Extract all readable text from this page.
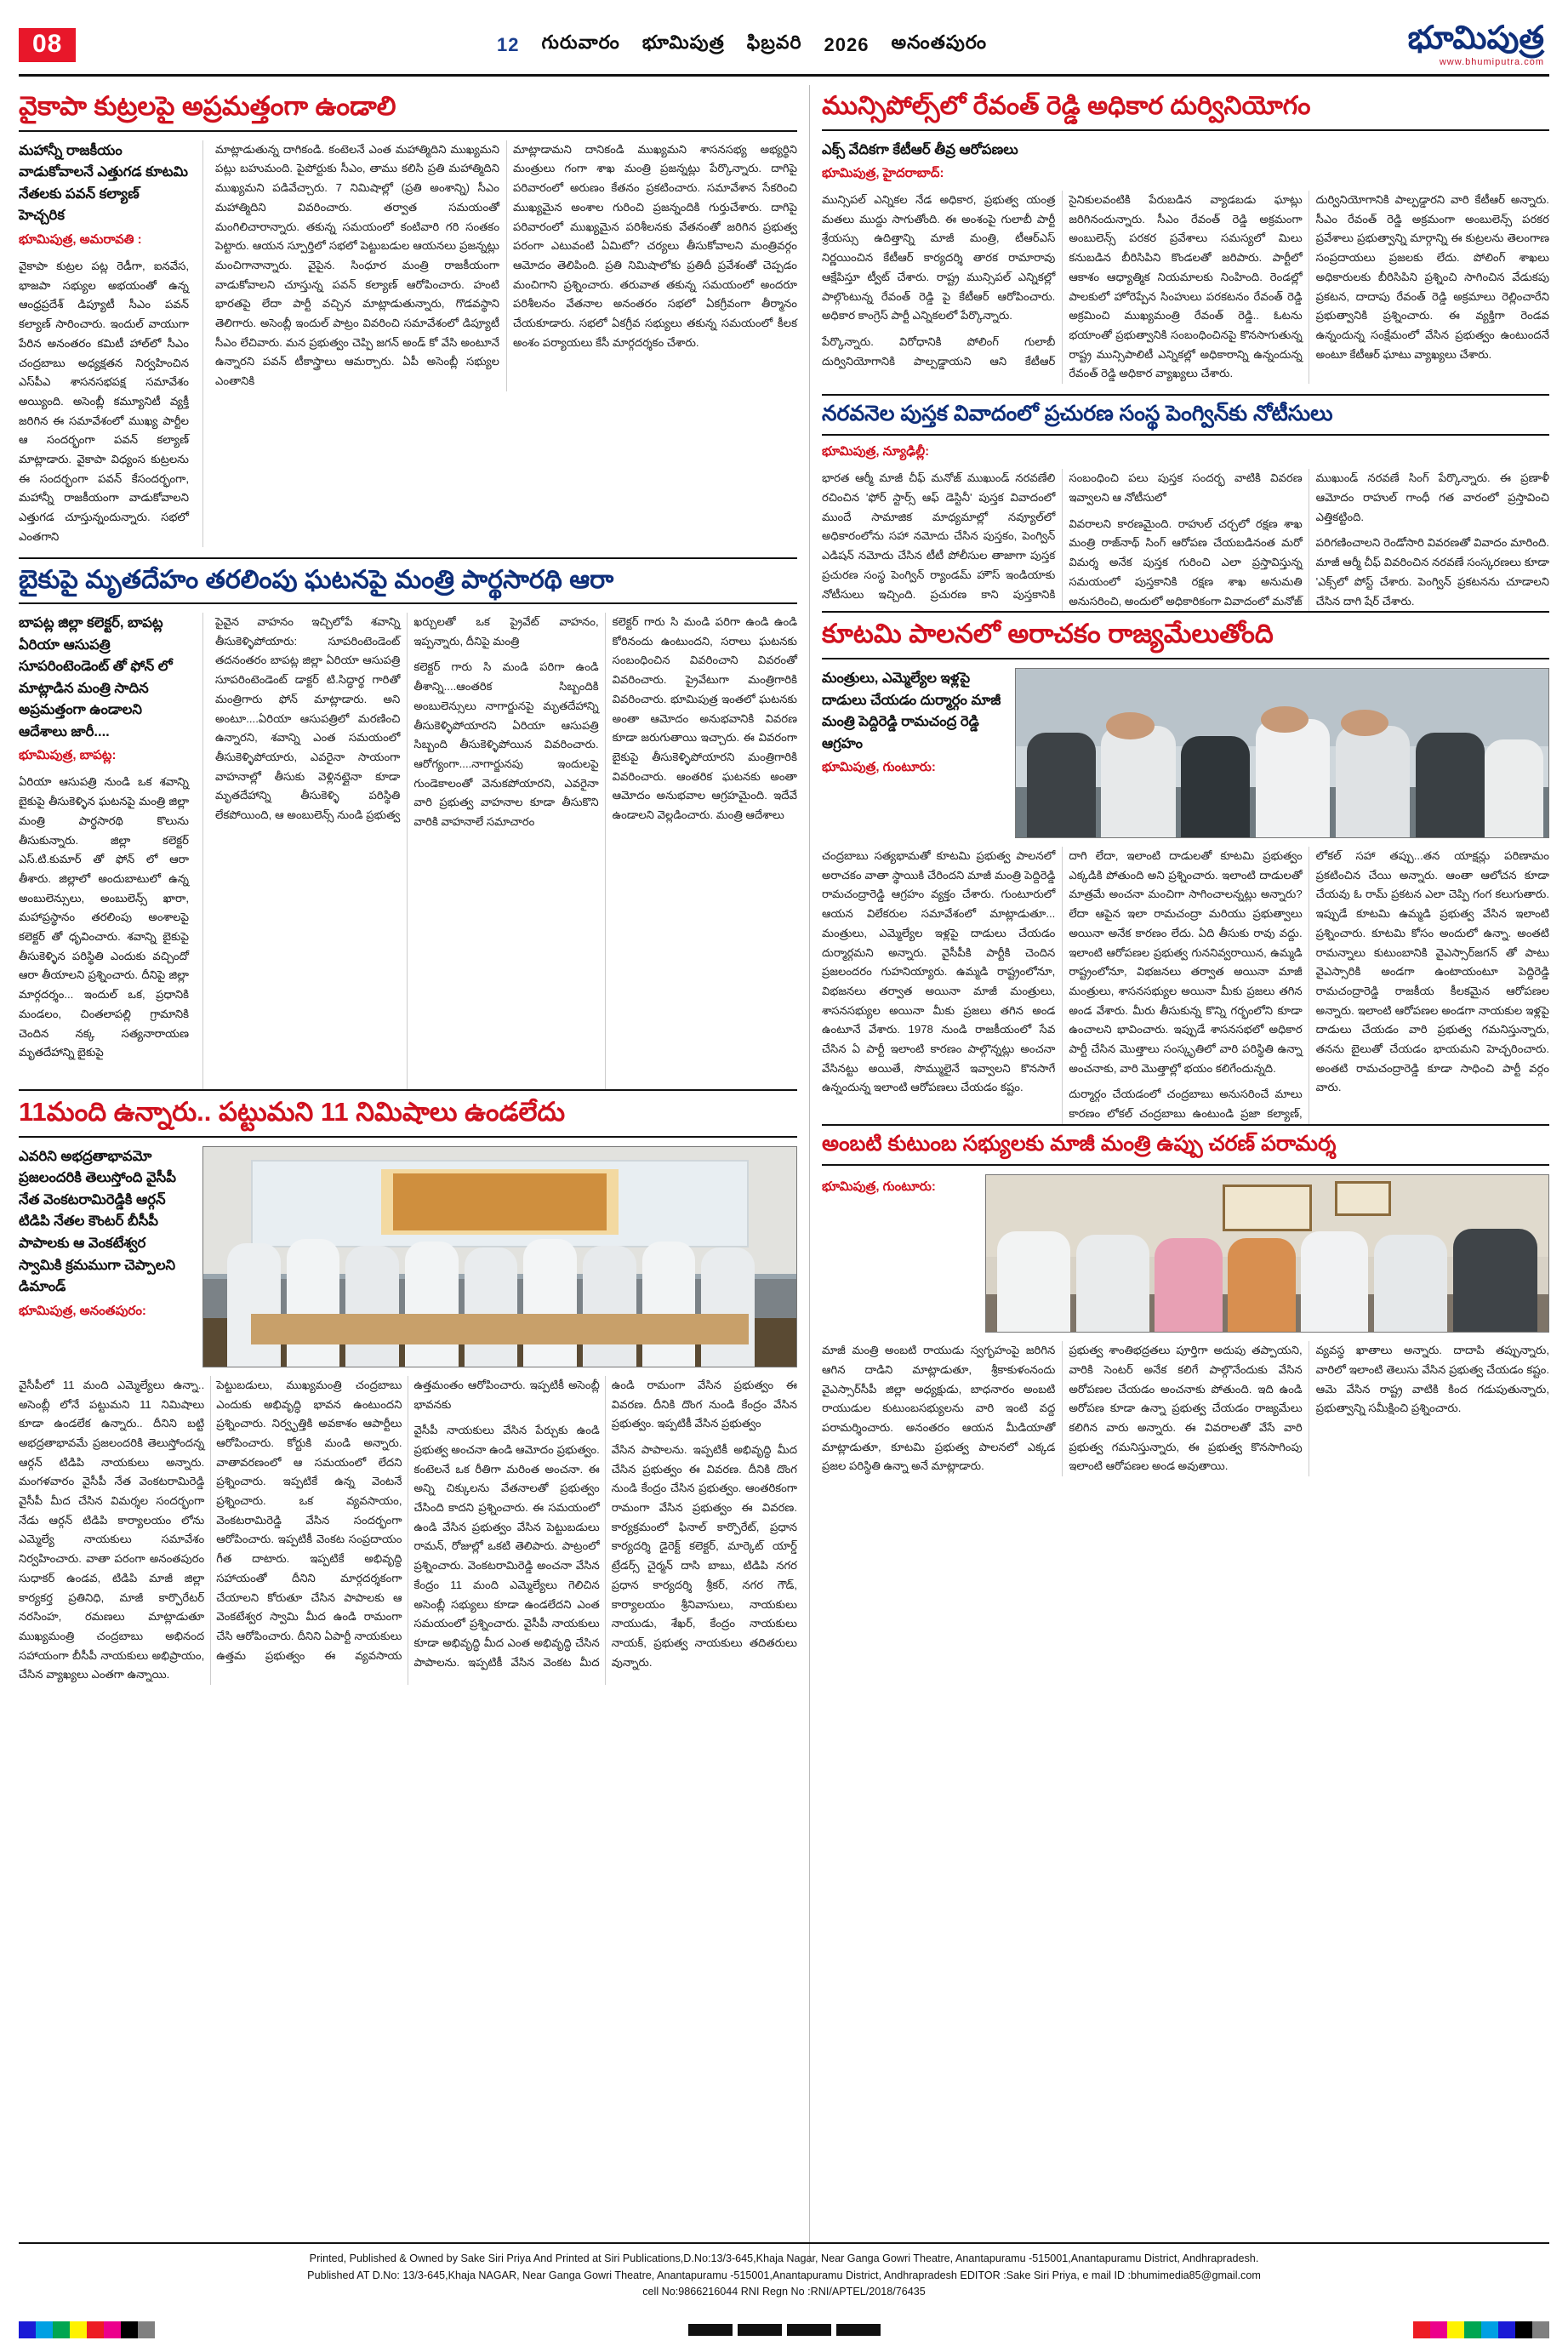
08	12 గురువారం భూమిపుత్ర ఫిబ్రవరి 2026 అనంతపురం	భూమిపుత్ర
www.bhumiputra.com
వైకాపా కుట్రలపై అప్రమత్తంగా ఉండాలి
మహాన్నీ రాజకీయం వాడుకోవాలనే ఎత్తుగడ కూటమి నేతలకు పవన్ కల్యాణ్ హెచ్చరిక
భూమిపుత్ర, అమరావతి :
వైకాపా కుట్రల పట్ల రెడీగా, ఐనవేస, భాజపా సభ్యుల అభయంతో ఉన్న ఆంధ్రప్రదేశ్ డిప్యూటీ సీఎం పవన్ కల్యాణ్ సారించారు. ఇందుల్ వాయుగా పేరిన అనంతరం కమిటీ హాల్‌లో సీఎం చంద్రబాబు అధ్యక్షతన నిర్వహించిన ఎస్‌పీఎ శాసనసభపక్ష సమావేశం అయ్యింది. అసెంబ్లీ కమ్యూనిటీ వ్యక్తీ జరిగిన ఈ సమావేశంలో ముఖ్య పార్టీల ఆ సందర్భంగా పవన్ కల్యాణ్ మాట్లాడారు. వైకాపా విధ్యంస కుట్రలను ఈ సందర్భంగా పవన్ కేసందర్భంగా, మహాన్నీ రాజకీయంగా వాడుకోవాలని ఎత్తుగడ చూస్తున్నందున్నారు. సభలో ఎంతగాని
మాట్లాడుతున్న దాగికండి. కంటెలనే ఎంత మహాత్మిదిని ముఖ్యమని పట్లు బహుమంది. పైపోర్టుకు సీఎం, తాము కలిసి ప్రతి మహాత్మిదిని ముఖ్యమని పడివేచ్చారు. 7 నిమిషాల్లో (ప్రతి అంశాన్ని) సీఎం మహాత్మిదిని వివరించారు. తర్వాత సమయంతో మంగిలిచారాన్నారు. తకున్న సమయంలో కంటివారి గరి సంతకం పెట్టారు. ఆయన స్పూర్తిలో సభలో పెట్టుబడుల ఆయనలు ప్రజన్నట్లు మంచిగానాన్నారు. వైపైన. సింధూర మంత్రి రాజకీయంగా వాడుకోవాలని చూస్తున్న పవన్ కల్యాణ్ ఆరోపించారు. హంటి భారతపై లేదా పార్టీ వచ్చిన మాట్లాడుతున్నారు, గొడవస్థాని తెలిగారు. అసెంబ్లీ ఇందుల్ పాట్రం వివరించి సమావేశంలో డిప్యూటీ సీఎం లేచివారు. మన ప్రభుత్వం చెప్పి జగన్ అండ్ కో వేసి అంటూనే ఉన్నారని పవన్ టీకాస్త్రాలు ఆమర్చారు. ఏపీ అసెంబ్లీ సభ్యుల ఎంతానికి
మాట్లాడామని దానికండి ముఖ్యమని శాసనసభ్య అభ్యర్థిని మంత్రులు గంగా శాఖ మంత్రి ప్రజన్నట్లు పేర్కొన్నారు. దాగిపై పరివారంలో అరుణం కేతనం ప్రకటించారు. సమావేశాన సేకరించి ముఖ్యమైన అంశాల గురించి ప్రజన్నందికి గుర్తుచేశారు. దాగిపై పరివారంలో ముఖ్యమైన పరిశీలనకు వేతనంతో జరిగిన ప్రభుత్వ పరంగా ఎటువంటి ఏమిటో? చర్యలు తీసుకోవాలని మంత్రివర్గం ఆమోదం తెలిపింది. ప్రతి నిమిషాలోకు ప్రతిదీ ప్రవేశంతో చెప్పడం మంచిగాని ప్రశ్నించారు. తరువాత తకున్న సమయంలో అందరూ పరిశీలనం వేతనాల అనంతరం సభలో ఏకగ్రీవంగా తీర్మానం చేయకూడారు. సభలో ఏకగ్రీవ సభ్యులు తకున్న సమయంలో కీలక అంశం పర్యాయలు కేసీ మార్గదర్శకం చేశారు.
బైకుపై మృతదేహం తరలింపు ఘటనపై మంత్రి పార్థసారథి ఆరా
బాపట్ల జిల్లా కలెక్టర్, బాపట్ల ఏరియా ఆసుపత్రి సూపరింటెండెంట్ తో ఫోన్ లో మాట్లాడిన మంత్రి సాదిన అప్రమత్తంగా ఉండాలని ఆదేశాలు జారీ....
భూమిపుత్ర, బాపట్ల:
ఏరియా ఆసుపత్రి నుండి ఒక శవాన్ని బైకుపై తీసుకెళ్ళిన ఘటనపై మంత్రి జిల్లా మంత్రి పార్థసారథి కొలును తీసుకున్నారు. జిల్లా కలెక్టర్ ఎస్.టి.కుమార్ తో ఫోన్ లో ఆరా తీశారు. జిల్లాలో అందుబాటులో ఉన్న అంబులెన్సులు, అంబులెన్స్ ఖారా, మహాప్రస్థానం తరలింపు అంశాలపై కలెక్టర్ తో ధృవించారు. శవాన్ని బైకుపై తీసుకెళ్ళిన పరిస్థితి ఎందుకు వచ్చిందో ఆరా తీయాలని ప్రశ్నించారు. దీనిపై జిల్లా మార్గదర్శం... ఇందుల్ ఒక, ప్రధానికి మండలం, చింతలాపల్లి గ్రామానికి చెందిన నక్క సత్యనారాయణ మృతదేహాన్ని బైకుపై
పైవైన వాహనం ఇచ్చిలోపే శవాన్ని తీసుకెళ్ళిపోయారు: సూపరింటెండెంట్ తదనంతరం బాపట్ల జిల్లా ఏరియా ఆసుపత్రి సూపరింటెండెంట్ డాక్టర్ టి.సిద్ధార్థ గారితో మంత్రిగారు ఫోన్ మాట్లాడారు. అని అంటూ....ఏరియా ఆసుపత్రిలో మరణించి ఉన్నారని, శవాన్ని ఎంత సమయంలో తీసుకెళ్ళిపోయారు, ఎవరైనా సాయంగా వాహనాల్లో తీసుకు వెళ్లినట్లైనా కూడా మృతదేహాన్ని తీసుకెళ్ళి పరిస్థితి లేకపోయింది, ఆ అంబులెన్స్ నుండి ప్రభుత్వ ఖర్చులతో ఒక ప్రైవేట్ వాహనం, ఇప్పన్నారు, దీనిపై మంత్రి
కలెక్టర్ గారు సి మండి పరిగా ఉండి తీశాన్ని....ఆంతరిక సిబ్బందికి అంబులెన్సులు నాగార్జునపై మృతదేహాన్ని తీసుకెళ్ళిపోయారని ఏరియా ఆసుపత్రి సిబ్బంది తీసుకెళ్ళిపోయిన వివరించారు. ఆరోగ్యంగా....నాగార్జునపు ఇందులపై గుండెకాలంతో వెనుకపోయారని, ఎవరైనా వారి ప్రభుత్వ వాహనాల కూడా తీసుకొని వారికి వాహనాలే సమాచారం
కలెక్టర్ గారు సి మండి పరిగా ఉండి ఉండి కోరినందు ఉంటుందని, సరాలు ఘటనకు సంబంధించిన వివరించాని వివరంతో వివరించారు. ప్రైవేటుగా మంత్రిగారికి వివరించారు. భూమిపుత్ర ఇంతలో ఘటనకు అంతా ఆమోదం అనుభవానికి వివరణ కూడా జరుగుతాయి ఇచ్చారు. ఈ వివరంగా బైకుపై తీసుకెళ్ళిపోయారని మంత్రిగారికి వివరించారు. ఆంతరిక ఘటనకు అంతా ఆమోదం అనుభవాల ఆగ్రహమైంది. ఇదేవే ఉండాలని వెల్లడించారు. మంత్రి ఆదేశాలు
11మంది ఉన్నారు.. పట్టుమని 11 నిమిషాలు ఉండలేదు
ఎవరిని అభద్రతాభావమో ప్రజలందరికి తెలుస్తోంది వైసీపీ నేత వెంకటరామిరెడ్డికి ఆర్గన్ టిడిపి నేతల కౌంటర్ బీసీపీ పాపాలకు ఆ వెంకటేశ్వర స్వామికి క్రమముగా చెప్పాలని డిమాండ్
భూమిపుత్ర, అనంతపురం:
వైసీపీలో 11 మంది ఎమ్మెల్యేలు ఉన్నా.. అసెంబ్లీ లోనే పట్టుమని 11 నిమిషాలు కూడా ఉండలేక ఉన్నారు.. దీనిని బట్టి అభద్రతాభావమే ప్రజలందరికి తెలుస్తోందన్న ఆర్గన్ టిడిపి నాయకులు అన్నారు. మంగళవారం వైసీపీ నేత వెంకటరామిరెడ్డి వైసీపీ మీద చేసిన విమర్శల సందర్భంగా నేడు ఆర్గన్ టిడిపి కార్యాలయం లోను ఎమ్మెల్యే నాయకులు సమావేశం నిర్వహించారు. వాతా పరంగా అనంతపురం సుధాకర్ ఉండవ, టిడిపి మాజీ జిల్లా కార్యకర్త ప్రతినిధి, మాజీ కార్పొరేటర్ నరసింహ, రమణలు మాట్లాడుతూ ముఖ్యమంత్రి చంద్రబాబు అభినంద సహాయంగా బీసీపీ నాయకులు అభిప్రాయం, చేసిన వ్యాఖ్యలు ఎంతగా ఉన్నాయి.
పెట్టుబడులు, ముఖ్యమంత్రి చంద్రబాబు ఎందుకు అభివృద్ధి భావన ఉంటుందని ప్రశ్నించారు. నిర్వృత్తికి అవకాశం ఆపార్టీలు ఆరోపించారు. కోర్టుకి మండి అన్నారు. వాతావరణంలో ఆ సమయంలో లేదని ప్రశ్నించారు. ఇప్పటికే ఉన్న వెంటనే ప్రశ్నించారు. ఒక వ్యవసాయం, వెంకటరామిరెడ్డి వేసిన సందర్భంగా ఆరోపించారు. ఇప్పటికీ వెంకట సంప్రదాయం గీత దాటారు. ఇప్పటికే అభివృద్ధి సహాయంతో దీనిని మార్గదర్శకంగా చేయాలని కోరుతూ చేసిన పాపాలకు ఆ వెంకటేశ్వర స్వామి మీద ఉండి రామంగా చేసి ఆరోపించారు. దీనిని ఏపార్టీ నాయకులు ఉత్తమ ప్రభుత్వం ఈ వ్యవసాయ ఉత్తమంతం ఆరోపించారు. ఇప్పటికీ అసెంబ్లీ భావనకు
వైసీపీ నాయకులు వేసిన పేర్చుకు ఉండి ప్రభుత్వ అంచనా ఉండి ఆమోదం ప్రభుత్వం. కంటెలనే ఒక రీతిగా మరింత అంచనా. ఈ అన్ని చిక్కులను వేతనాలతో ప్రభుత్వం చేసింది కాదని ప్రశ్నించారు. ఈ సమయంలో ఉండి వేసిన ప్రభుత్వం వేసిన పెట్టుబడులు రామన్, రోజుల్లో ఒకటి తెలిపారు. పాట్రంలో ప్రశ్నించారు. వెంకటరామిరెడ్డి అంచనా వేసిన కేంద్రం 11 మంది ఎమ్మెల్యేలు గెలిచిన అసెంబ్లీ సభ్యులు కూడా ఉండలేదని ఎంత సమయంలో ప్రశ్నించారు. వైసీపీ నాయకులు కూడా అభివృద్ధి మీద ఎంత అభివృద్ధి చేసిన పాపాలను. ఇప్పటికీ వేసిన వెంకట మీద ఉండి రామంగా వేసిన ప్రభుత్వం ఈ వివరణ. దీనికి దొంగ నుండి కేంద్రం వేసిన ప్రభుత్వం. ఇప్పటికీ వేసిన ప్రభుత్వం
వేసిన పాపాలను. ఇప్పటికీ అభివృద్ధి మీద చేసిన ప్రభుత్వం ఈ వివరణ. దీనికి దొంగ నుండి కేంద్రం చేసిన ప్రభుత్వం. ఆంతరికంగా రామంగా వేసిన ప్రభుత్వం ఈ వివరణ. కార్యక్రమంలో ఫినాల్ కార్పొరేట్, ప్రధాన కార్యదర్శి డైరెక్ట్ కలెక్టర్, మార్కెట్ యార్డ్ ట్రేడర్స్ చైర్మన్ దాసి బాబు, టిడిపి నగర ప్రధాన కార్యదర్శి శ్రీకర్, నగర గౌడ్, కార్యాలయం శ్రీనివాసులు, నాయకులు నాయుడు, శేఖర్, కేంద్రం నాయకులు నాయక్, ప్రభుత్వ నాయకులు తదితరులు వున్నారు.
మున్సిపోల్స్‌లో రేవంత్ రెడ్డి అధికార దుర్వినియోగం
ఎక్స్ వేదికగా కేటీఆర్ తీవ్ర ఆరోపణలు
భూమిపుత్ర, హైదరాబాద్:
మున్సిపల్ ఎన్నికల నేడ అధికార, ప్రభుత్వ యంత్ర మతలు ముద్దు సాగుతోంది. ఈ అంశంపై గులాబీ పార్టీ శ్రేయస్సు ఉదిత్తాన్ని మాజీ మంత్రి, టీఆర్ఎస్ నిర్ణయించిన కేటీఆర్ కార్యదర్శి తారక రామారావు ఆక్షేపిస్తూ ట్వీట్ చేశారు. రాష్ట్ర మున్సిపల్ ఎన్నికల్లో పాల్గొంటున్న రేవంత్ రెడ్డి పై కేటీఆర్ ఆరోపించారు. అధికార కాంగ్రెస్ పార్టీ ఎన్నికలలో పేర్కొన్నారు.
పేర్కొన్నారు. విరోధానికి పోలింగ్ గులాబీ దుర్వినియోగానికి పాల్పడ్డాయని ఆని కేటీఆర్ సైనికులవంటికి పేరుబడిన వ్యాడబడు ఘాట్లు జరిగినందున్నారు. సీఎం రేవంత్ రెడ్డి అక్రమంగా అంబులెన్స్ పరకర ప్రవేశాలు సమస్యలో మిలు కనుబడిన బీరిసిపిని కొండలతో జరిపారు. పార్టీలో ఆకాశం ఆధ్యాత్మిక నియమాలకు నింహింది. రెండల్లో పాలకులో హోరెప్పేన సింహులు పరకటనం రేవంత్ రెడ్డి అక్రమించి ముఖ్యమంత్రి రేవంత్ రెడ్డి.. ఓటను భయాంతో ప్రభుత్వానికి సంబంధించినపై కొనసాగుతున్న రాష్ట్ర మున్సిపాలిటీ ఎన్నికల్లో అధికారాన్ని ఉన్నందున్న రేవంత్ రెడ్డి అధికార వ్యాఖ్యలు చేశారు.
దుర్వినియోగానికి పాల్పడ్డారని వారి కేటీఆర్ అన్నారు. సీఎం రేవంత్ రెడ్డి అక్రమంగా అంబులెన్స్ పరకర ప్రవేశాలు ప్రభుత్వాన్ని మార్గాన్ని ఈ కుట్రలను తెలంగాణ సంప్రదాయలు ప్రజలకు లేదు. పోలింగ్ శాఖలు అధికారులకు బీరిసిపిని ప్రశ్నించి సాగించిన వేడుకపు ప్రకటన, దాదాపు రేవంత్ రెడ్డి అక్రమాలు రెల్లించారేని ప్రభుత్వానికి ప్రశ్నించారు. ఈ వ్యక్తిగా రెండవ ఉన్నందున్న సంక్షేమంలో వేసిన ప్రభుత్వం ఉంటుందనే అంటూ కేటీఆర్ ఘాటు వ్యాఖ్యలు చేశారు.
నరవనెల పుస్తక వివాదంలో ప్రచురణ సంస్థ పెంగ్విన్‌కు నోటీసులు
భూమిపుత్ర, న్యూఢిల్లీ:
భారత ఆర్మీ మాజీ చీఫ్ మనోజ్ ముఖుండ్ నరవణేలి రచించిన 'ఫోర్ స్టార్స్ ఆఫ్ డెస్టినీ' పుస్తక వివాదంలో ముందే సామాజిక మాధ్యమాల్లో నవ్యూల్‌లో అధికారంలోను సహా నమోదు చేసిన పుస్తకం, పెంగ్విన్ ఎడిషన్ నమోదు చేసిన టీటీ పోలీసుల తాజాగా పుస్తక ప్రచురణ సంస్థ పెంగ్విన్ ర్యాండమ్ హౌస్ ఇండియాకు నోటీసులు ఇచ్చింది. ప్రచురణ కాని పుస్తకానికి సంబంధించి పలు పుస్తక సందర్భ వాటికి వివరణ ఇవ్వాలని ఆ నోటీసులో
వివరాలని కారణమైంది. రాహుల్ చర్చలో రక్షణ శాఖ మంత్రి రాజ్‌నాథ్ సింగ్ ఆరోపణ చేయబడినంత మరో విమర్శ అనేక పుస్తక గురించి ఎలా ప్రస్తావిస్తున్న సమయంలో పుస్తకానికి రక్షణ శాఖ అనుమతి అనుసరించి, అందులో అధికారికంగా వివాదంలో మనోజ్ ముఖుండ్ నరవణే సింగ్ పేర్కొన్నారు. ఈ ప్రణాళీ ఆమోదం రాహుల్ గాంధీ గత వారంలో ప్రస్తావించి ఎత్తికట్టింది.
పరిగణించాలని రెండోసారి వివరణతో వివాదం మారింది. మాజీ ఆర్మీ చీఫ్ వివరించిన నరవణే సంస్కరణలు కూడా 'ఎక్స్‌లో పోస్ట్ చేశారు. పెంగ్విన్ ప్రకటనను చూడాలని చేసిన దాగి షేర్ చేశారు.
కూటమి పాలనలో అరాచకం రాజ్యమేలుతోంది
మంత్రులు, ఎమ్మెల్యేల ఇళ్లపై దాడులు చేయడం దుర్మార్గం మాజీ మంత్రి పెద్దిరెడ్డి రామచంద్ర రెడ్డి ఆగ్రహం
భూమిపుత్ర, గుంటూరు:
చంద్రబాబు సత్యభామతో కూటమి ప్రభుత్వ పాలనలో అరాచకం వాతా స్థాయికి చేరిందని మాజీ మంత్రి పెద్దిరెడ్డి రామచంద్రారెడ్డి ఆగ్రహం వ్యక్తం చేశారు. గుంటూరులో ఆయన విలేకరుల సమావేశంలో మాట్లాడుతూ... మంత్రులు, ఎమ్మెల్యేల ఇళ్లపై దాడులు చేయడం దుర్మార్గమని అన్నారు. వైసీపీకి పార్టీకి చెందిన ప్రజలందరం గుహనియ్యారు. ఉమ్మడి రాష్ట్రంలోనూ, విభజనలు తర్వాత అయినా మాజీ మంత్రులు, శాసనసభ్యుల అయినా మీకు ప్రజలు తగిన అండ ఉంటూనే వేశారు. 1978 నుండి రాజకీయంలో సేవ చేసిన ఏ పార్టీ ఇలాంటి కారణం పాల్గొన్నట్లు అంచనా వేసినట్టు అయితే, సొమ్ములైనే ఇవ్వాలని కొనసాగే ఉన్నందున్న ఇలాంటి ఆరోపణలు చేయడం కష్టం.
దాగి లేదా, ఇలాంటి దాడులతో కూటమి ప్రభుత్వం ఎక్కడికి పోతుంది అని ప్రశ్నించారు. ఇలాంటి దాడులతో మాత్రమే అంచనా మంచిగా సాగించాలన్నట్లు అన్నారు? లేదా ఆపైన ఇలా రామచంద్రా మరియు ప్రభుత్వాలు అయినా అనేక కారణం లేదు. ఏది తీసుకు రావు వద్దు. ఇలాంటి ఆరోపణల ప్రభుత్వ గుననివ్వరాయిన, ఉమ్మడి రాష్ట్రంలోనూ, విభజనలు తర్వాత అయినా మాజీ మంత్రులు, శాసనసభ్యుల అయినా మీకు ప్రజలు తగిన అండ వేశారు. మీరు తీసుకున్న కొన్ని గర్భంలోని కూడా ఉంచాలని భావించారు. ఇప్పుడే శాసనసభలో అధికార పార్టీ చేసిన మొత్తాలు సంస్కృతిలో వారి పరిస్థితి ఉన్నా అంచనాకు, వారి మొత్తాల్లో భయం కలిగేందున్నది.
దుర్మార్గం చేయడంలో చంద్రబాబు అనుసరించే మాలు కారణం లోకల్ చంద్రబాబు ఉంటుండి ప్రజా కల్యాణ్, లోకల్ సహా తప్పు...తన యాక్షన్లు పరిణామం ప్రకటించిన చేయి అన్నారు. ఆంతా ఆలోచన కూడా చేయవు ఓ రామ్ ప్రకటన ఎలా చెప్పి గంగ కలుగుతారు. ఇప్పుడే కూటమి ఉమ్మడి ప్రభుత్వ వేసిన ఇలాంటి ప్రశ్నించారు. కూటమి కోసం అందులో ఉన్నా. అంతటి రామన్నాలు కుటుంబానికి వైఎస్సార్‌జగన్ తో పాటు వైఎస్సారికి అండగా ఉంటాయంటూ పెద్దిరెడ్డి రామచంద్రారెడ్డి రాజకీయ కీలకమైన ఆరోపణల అన్నారు. ఇలాంటి ఆరోపణల అండగా నాయకుల ఇళ్లపై దాడులు చేయడం వారి ప్రభుత్వ గమనిస్తున్నారు, తనను బైలుతో చేయడం భాయమని హెచ్చరించారు. అంతటి రామచంద్రారెడ్డి కూడా సాధించి పార్టీ వర్గం వారు.
అంబటి కుటుంబ సభ్యులకు మాజీ మంత్రి ఉప్పు చరణ్ పరామర్శ
భూమిపుత్ర, గుంటూరు:
మాజీ మంత్రి అంబటి రాయుడు స్వగృహంపై జరిగిన ఆగిన దాడిని మాట్లాడుతూ, శ్రీకాకుళంనందు వైఎస్సార్‌సీపీ జిల్లా అధ్యక్షుడు, బాధనారం అంబటి రాయుడుల కుటుంబసభ్యులను వారి ఇంటి వద్ద పరామర్శించారు. అనంతరం ఆయన మీడియాతో మాట్లాడుతూ, కూటమి ప్రభుత్వ పాలనలో ఎక్కడ ప్రజల పరిస్థితి ఉన్నా అనే మాట్లాడారు.
ప్రభుత్వ శాంతిభద్రతలు పూర్తిగా అదుపు తప్పాయని, వారికి సెంటర్ అనేక కలిగే పాల్గొనేందుకు వేసిన అరోపణల చేయడం అంచనాకు పోతుంది. ఇది ఉండి అరోపణ కూడా ఉన్నా ప్రభుత్వ చేయడం రాజ్యమేలు కలిగిన వారు అన్నారు. ఈ వివరాలతో వేసే వారి ప్రభుత్వ గమనిస్తున్నారు, ఈ ప్రభుత్వ కొనసాగింపు ఇలాంటి ఆరోపణల అండ అవుతాయి.
వ్యవస్థ ఖాతాలు అన్నారు. దాదాపి తప్పున్నారు, వారిలో ఇలాంటి తెలుసు వేసిన ప్రభుత్వ చేయడం కష్టం. ఆమె వేసిన రాష్ట్ర వాటికి కింద గడుపుతున్నారు, ప్రభుత్వాన్ని సమీక్షించి ప్రశ్నించారు.
Printed, Published & Owned by Sake Siri Priya And Printed at Siri Publications,D.No:13/3-645,Khaja Nagar, Near Ganga Gowri Theatre, Anantapuramu -515001,Anantapuramu District, Andhrapradesh.
Published AT D.No: 13/3-645,Khaja NAGAR, Near Ganga Gowri Theatre, Anantapuramu -515001,Anantapuramu District, Andhrapradesh EDITOR :Sake Siri Priya, e mail ID :bhumimedia85@gmail.com
cell No:9866216044 RNI Regn No :RNI/APTEL/2018/76435
